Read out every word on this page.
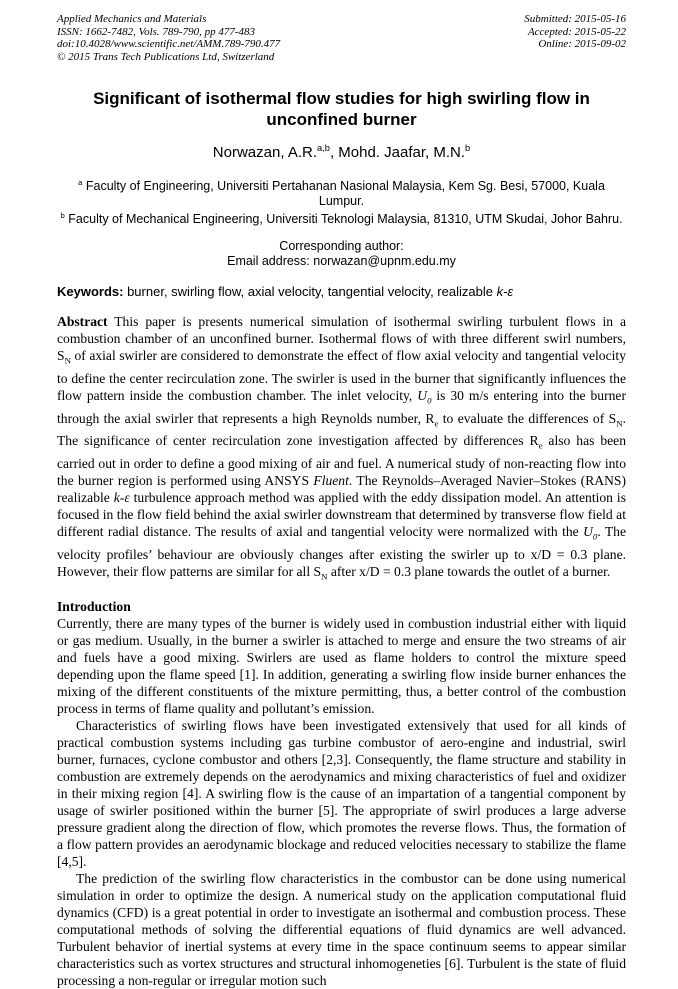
Applied Mechanics and Materials
ISSN: 1662-7482, Vols. 789-790, pp 477-483
doi:10.4028/www.scientific.net/AMM.789-790.477
© 2015 Trans Tech Publications Ltd, Switzerland
Submitted: 2015-05-16
Accepted: 2015-05-22
Online: 2015-09-02
Significant of isothermal flow studies for high swirling flow in unconfined burner
Norwazan, A.R.$^{a,b}$, Mohd. Jaafar, M.N.$^b$
$^a$ Faculty of Engineering, Universiti Pertahanan Nasional Malaysia, Kem Sg. Besi, 57000, Kuala Lumpur.
$^b$ Faculty of Mechanical Engineering, Universiti Teknologi Malaysia, 81310, UTM Skudai, Johor Bahru.
Corresponding author:
Email address: norwazan@upnm.edu.my
Keywords: burner, swirling flow, axial velocity, tangential velocity, realizable k-ε
Abstract This paper is presents numerical simulation of isothermal swirling turbulent flows in a combustion chamber of an unconfined burner. Isothermal flows of with three different swirl numbers, $S_N$ of axial swirler are considered to demonstrate the effect of flow axial velocity and tangential velocity to define the center recirculation zone. The swirler is used in the burner that significantly influences the flow pattern inside the combustion chamber. The inlet velocity, $U_0$ is 30 m/s entering into the burner through the axial swirler that represents a high Reynolds number, $R_e$ to evaluate the differences of $S_N$. The significance of center recirculation zone investigation affected by differences $R_e$ also has been carried out in order to define a good mixing of air and fuel. A numerical study of non-reacting flow into the burner region is performed using ANSYS Fluent. The Reynolds–Averaged Navier–Stokes (RANS) realizable k-ε turbulence approach method was applied with the eddy dissipation model. An attention is focused in the flow field behind the axial swirler downstream that determined by transverse flow field at different radial distance. The results of axial and tangential velocity were normalized with the $U_0$. The velocity profiles’ behaviour are obviously changes after existing the swirler up to x/D = 0.3 plane. However, their flow patterns are similar for all $S_N$ after x/D = 0.3 plane towards the outlet of a burner.
Introduction

Currently, there are many types of the burner is widely used in combustion industrial either with liquid or gas medium. Usually, in the burner a swirler is attached to merge and ensure the two streams of air and fuels have a good mixing. Swirlers are used as flame holders to control the mixture speed depending upon the flame speed [1]. In addition, generating a swirling flow inside burner enhances the mixing of the different constituents of the mixture permitting, thus, a better control of the combustion process in terms of flame quality and pollutant’s emission.

Characteristics of swirling flows have been investigated extensively that used for all kinds of practical combustion systems including gas turbine combustor of aero-engine and industrial, swirl burner, furnaces, cyclone combustor and others [2,3]. Consequently, the flame structure and stability in combustion are extremely depends on the aerodynamics and mixing characteristics of fuel and oxidizer in their mixing region [4]. A swirling flow is the cause of an impartation of a tangential component by usage of swirler positioned within the burner [5]. The appropriate of swirl produces a large adverse pressure gradient along the direction of flow, which promotes the reverse flows. Thus, the formation of a flow pattern provides an aerodynamic blockage and reduced velocities necessary to stabilize the flame [4,5].

The prediction of the swirling flow characteristics in the combustor can be done using numerical simulation in order to optimize the design. A numerical study on the application computational fluid dynamics (CFD) is a great potential in order to investigate an isothermal and combustion process. These computational methods of solving the differential equations of fluid dynamics are well advanced. Turbulent behavior of inertial systems at every time in the space continuum seems to appear similar characteristics such as vortex structures and structural inhomogeneties [6]. Turbulent is the state of fluid processing a non-regular or irregular motion such
